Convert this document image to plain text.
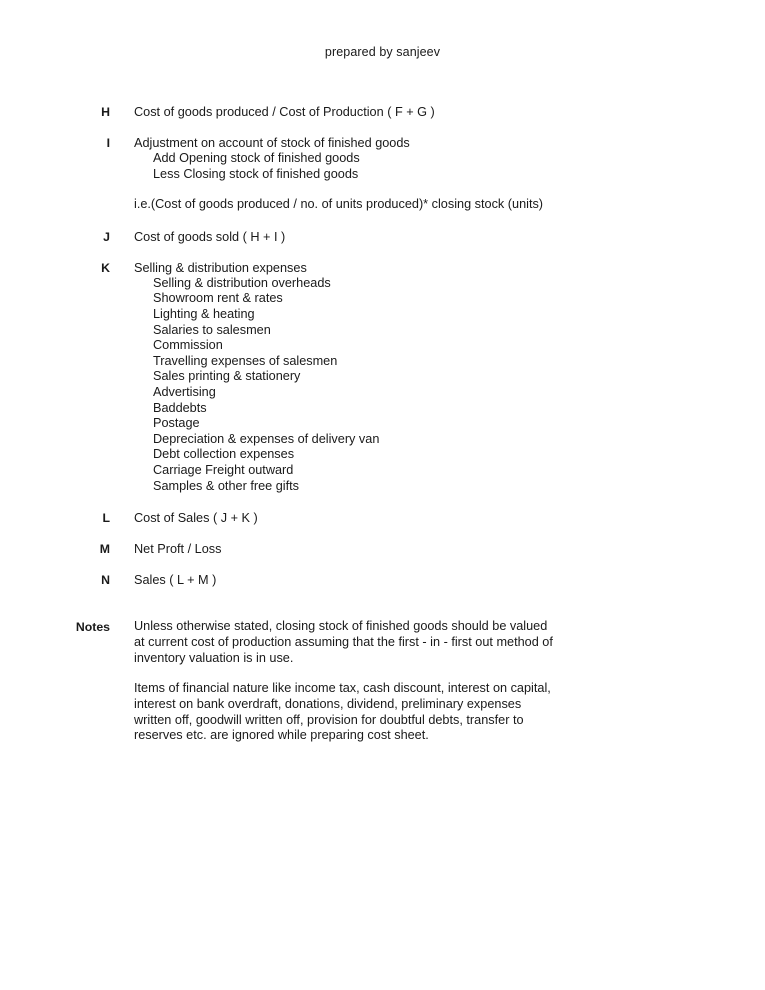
prepared by sanjeev
H Cost of goods produced / Cost of Production ( F + G )
I Adjustment on account of stock of finished goods
Add Opening stock of finished goods
Less Closing stock of finished goods
i.e.(Cost of goods produced / no. of units produced)* closing stock (units)
J Cost of goods sold ( H + I )
K Selling & distribution expenses
Selling & distribution overheads
Showroom rent & rates
Lighting & heating
Salaries to salesmen
Commission
Travelling expenses of salesmen
Sales printing & stationery
Advertising
Baddebts
Postage
Depreciation & expenses of delivery van
Debt collection expenses
Carriage Freight outward
Samples & other free gifts
L Cost of Sales ( J + K )
M Net Proft / Loss
N Sales ( L + M )
Notes Unless otherwise stated, closing stock of finished goods should be valued at current cost of production assuming that the first - in - first out method of inventory valuation is in use.

Items of financial nature like income tax, cash discount, interest on capital, interest on bank overdraft, donations, dividend, preliminary expenses written off, goodwill written off, provision for doubtful debts, transfer to reserves etc. are ignored while preparing cost sheet.
